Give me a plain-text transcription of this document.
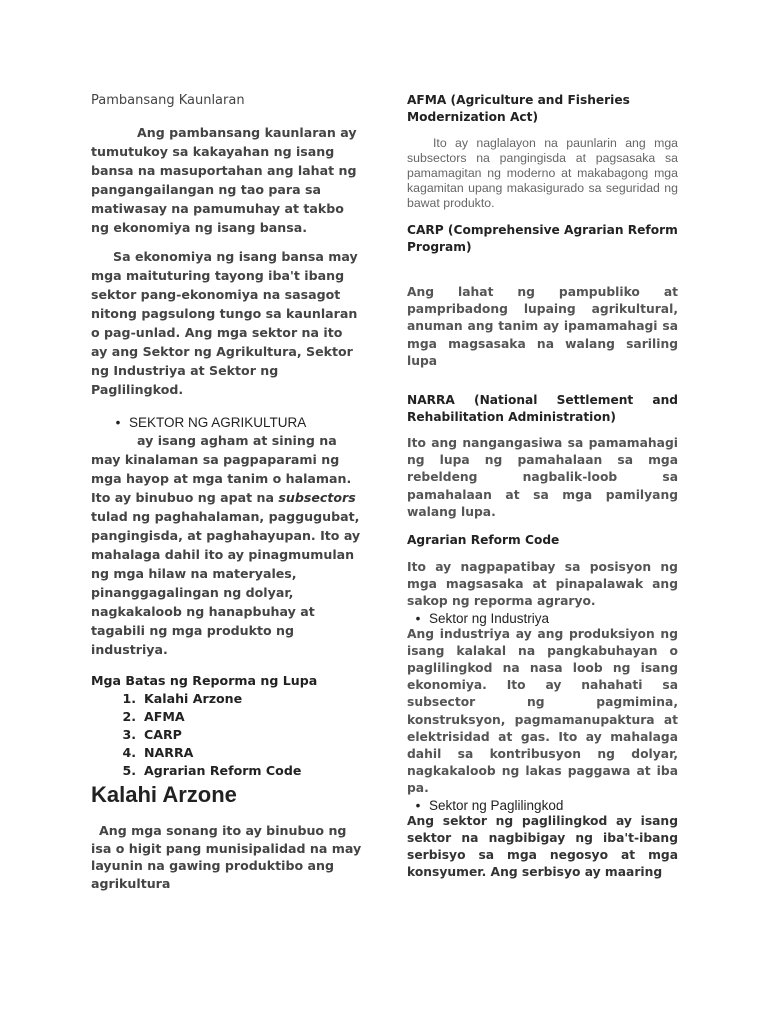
Pambansang Kaunlaran

Ang pambansang kaunlaran ay tumutukoy sa kakayahan ng isang bansa na masuportahan ang lahat ng pangangailangan ng tao para sa matiwasay na pamumuhay at takbo ng ekonomiya ng isang bansa.

Sa ekonomiya ng isang bansa may mga maituturing tayong iba't ibang sektor pang-ekonomiya na sasagot nitong pagsulong tungo sa kaunlaran o pag-unlad. Ang mga sektor na ito ay ang Sektor ng Agrikultura, Sektor ng Industriya at Sektor ng Paglilingkod.

• SEKTOR NG AGRIKULTURA

ay isang agham at sining na may kinalaman sa pagpaparami ng mga hayop at mga tanim o halaman. Ito ay binubuo ng apat na subsectors tulad ng paghahalaman, paggugubat, pangingisda, at paghahayupan. Ito ay mahalaga dahil ito ay pinagmumulan ng mga hilaw na materyales, pinanggagalingan ng dolyar, nagkakaloob ng hanapbuhay at tagabili ng mga produkto ng industriya.

Mga Batas ng Reporma ng Lupa

1. Kalahi Arzone
2. AFMA
3. CARP
4. NARRA
5. Agrarian Reform Code
Kalahi Arzone

Ang mga sonang ito ay binubuo ng isa o higit pang munisipalidad na may layunin na gawing produktibo ang agrikultura

AFMA (Agriculture and Fisheries Modernization Act)

Ito ay naglalayon na paunlarin ang mga subsectors na pangingisda at pagsasaka sa pamamagitan ng moderno at makabagong mga kagamitan upang makasigurado sa seguridad ng bawat produkto.

CARP (Comprehensive Agrarian Reform Program)

Ang lahat ng pampubliko at pampribadong lupaing agrikultural, anuman ang tanim ay ipamamahagi sa mga magsasaka na walang sariling lupa

NARRA (National Settlement and Rehabilitation Administration)

Ito ang nangangasiwa sa pamamahagi ng lupa ng pamahalaan sa mga rebeldeng nagbalik-loob sa pamahalaan at sa mga pamilyang walang lupa.

Agrarian Reform Code

Ito ay nagpapatibay sa posisyon ng mga magsasaka at pinapalawak ang sakop ng reporma agraryo.

• Sektor ng Industriya

Ang industriya ay ang produksiyon ng isang kalakal na pangkabuhayan o paglilingkod na nasa loob ng isang ekonomiya. Ito ay nahahati sa subsector ng pagmimina, konstruksyon, pagmamanupaktura at elektrisidad at gas. Ito ay mahalaga dahil sa kontribusyon ng dolyar, nagkakaloob ng lakas paggawa at iba pa.

• Sektor ng Paglilingkod

Ang sektor ng paglilingkod ay isang sektor na nagbibigay ng iba't-ibang serbisyo sa mga negosyo at mga konsyumer. Ang serbisyo ay maaring
